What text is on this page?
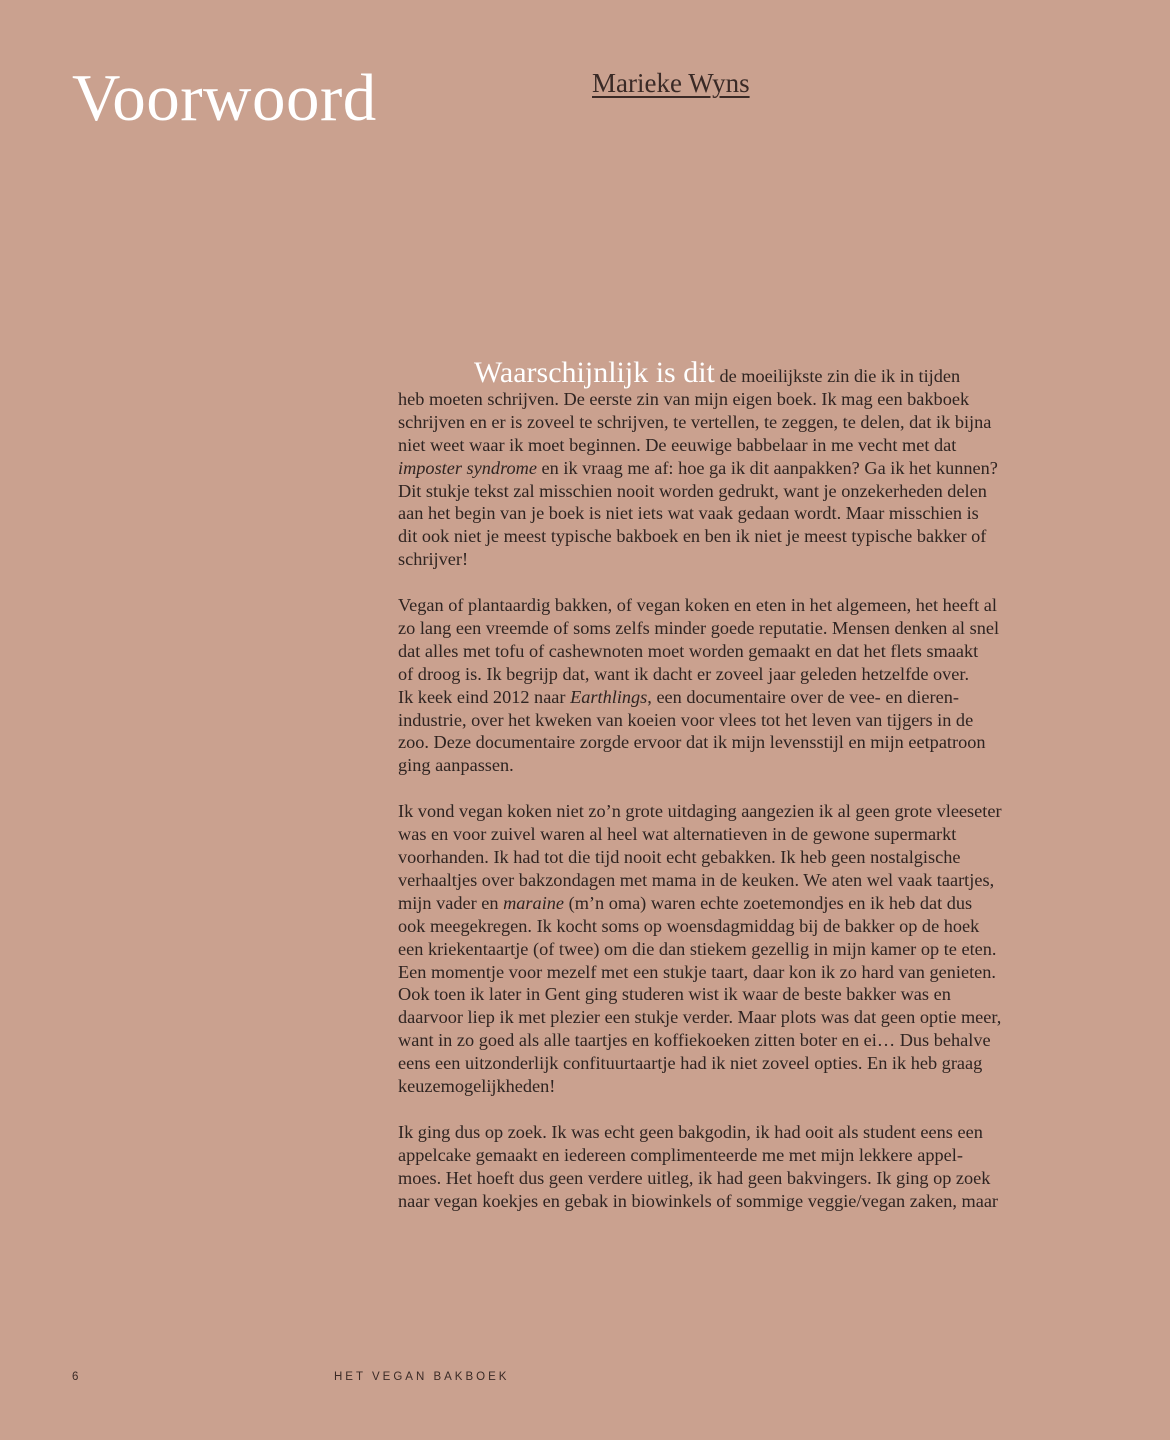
Voorwoord	Marieke Wyns

Waarschijnlijk is dit de moeilijkste zin die ik in tijden
heb moeten schrijven. De eerste zin van mijn eigen boek. Ik mag een bakboek
schrijven en er is zoveel te schrijven, te vertellen, te zeggen, te delen, dat ik bijna
niet weet waar ik moet beginnen. De eeuwige babbelaar in me vecht met dat
imposter syndrome en ik vraag me af: hoe ga ik dit aanpakken? Ga ik het kunnen?
Dit stukje tekst zal misschien nooit worden gedrukt, want je onzekerheden delen
aan het begin van je boek is niet iets wat vaak gedaan wordt. Maar misschien is
dit ook niet je meest typische bakboek en ben ik niet je meest typische bakker of
schrijver!

Vegan of plantaardig bakken, of vegan koken en eten in het algemeen, het heeft al
zo lang een vreemde of soms zelfs minder goede reputatie. Mensen denken al snel
dat alles met tofu of cashewnoten moet worden gemaakt en dat het flets smaakt
of droog is. Ik begrijp dat, want ik dacht er zoveel jaar geleden hetzelfde over.
Ik keek eind 2012 naar Earthlings, een documentaire over de vee- en dieren-
industrie, over het kweken van koeien voor vlees tot het leven van tijgers in de
zoo. Deze documentaire zorgde ervoor dat ik mijn levensstijl en mijn eetpatroon
ging aanpassen.

Ik vond vegan koken niet zo’n grote uitdaging aangezien ik al geen grote vleeseter
was en voor zuivel waren al heel wat alternatieven in de gewone supermarkt
voorhanden. Ik had tot die tijd nooit echt gebakken. Ik heb geen nostalgische
verhaaltjes over bakzondagen met mama in de keuken. We aten wel vaak taartjes,
mijn vader en maraine (m’n oma) waren echte zoetemondjes en ik heb dat dus
ook meegekregen. Ik kocht soms op woensdagmiddag bij de bakker op de hoek
een kriekentaartje (of twee) om die dan stiekem gezellig in mijn kamer op te eten.
Een momentje voor mezelf met een stukje taart, daar kon ik zo hard van genieten.
Ook toen ik later in Gent ging studeren wist ik waar de beste bakker was en
daarvoor liep ik met plezier een stukje verder. Maar plots was dat geen optie meer,
want in zo goed als alle taartjes en koffiekoeken zitten boter en ei… Dus behalve
eens een uitzonderlijk confituurtaartje had ik niet zoveel opties. En ik heb graag
keuzemogelijkheden!

Ik ging dus op zoek. Ik was echt geen bakgodin, ik had ooit als student eens een
appelcake gemaakt en iedereen complimenteerde me met mijn lekkere appel-
moes. Het hoeft dus geen verdere uitleg, ik had geen bakvingers. Ik ging op zoek
naar vegan koekjes en gebak in biowinkels of sommige veggie/vegan zaken, maar

6	HET VEGAN BAKBOEK
